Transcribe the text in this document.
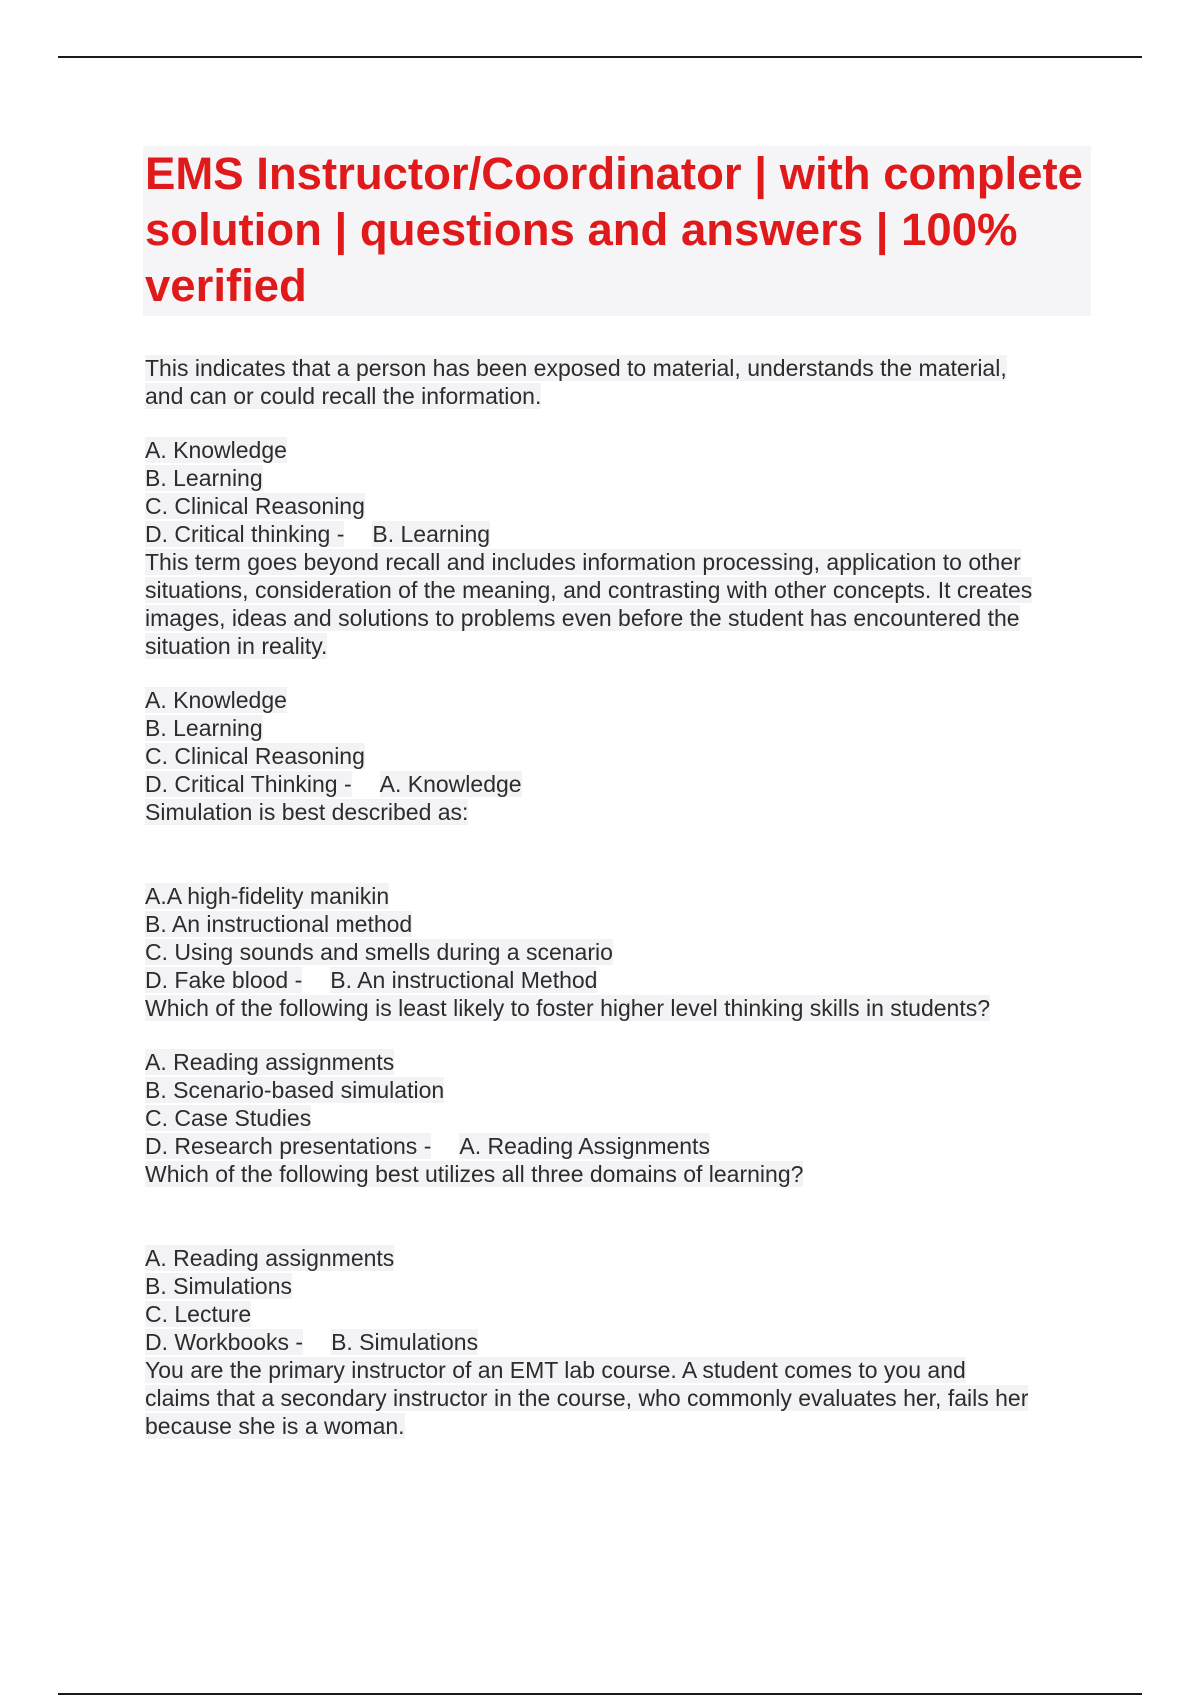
EMS Instructor/Coordinator | with complete solution | questions and answers | 100% verified
This indicates that a person has been exposed to material, understands the material,
and can or could recall the information.
A. Knowledge
B. Learning
C. Clinical Reasoning
D. Critical thinking - B. Learning
This term goes beyond recall and includes information processing, application to other
situations, consideration of the meaning, and contrasting with other concepts. It creates
images, ideas and solutions to problems even before the student has encountered the
situation in reality.
A. Knowledge
B. Learning
C. Clinical Reasoning
D. Critical Thinking - A. Knowledge
Simulation is best described as:
A.A high-fidelity manikin
B. An instructional method
C. Using sounds and smells during a scenario
D. Fake blood - B. An instructional Method
Which of the following is least likely to foster higher level thinking skills in students?
A. Reading assignments
B. Scenario-based simulation
C. Case Studies
D. Research presentations - A. Reading Assignments
Which of the following best utilizes all three domains of learning?
A. Reading assignments
B. Simulations
C. Lecture
D. Workbooks - B. Simulations
You are the primary instructor of an EMT lab course. A student comes to you and
claims that a secondary instructor in the course, who commonly evaluates her, fails her
because she is a woman.
